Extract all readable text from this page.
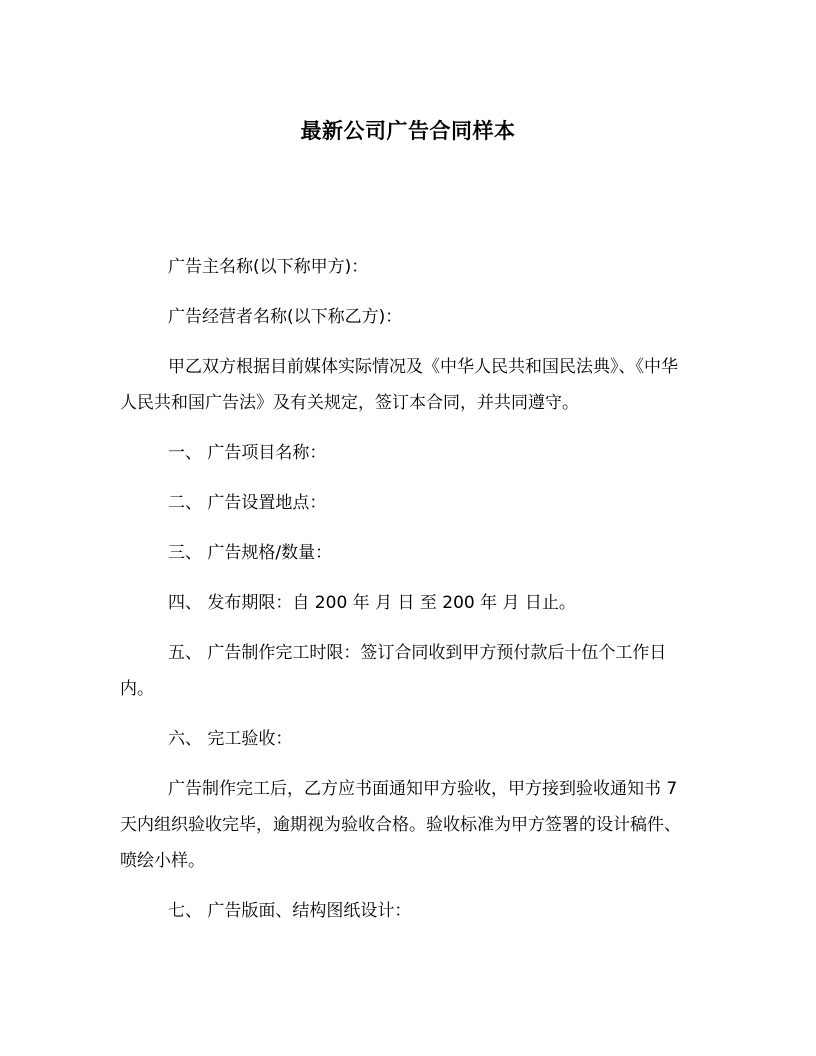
最新公司广告合同样本

广告主名称(以下称甲方)：

广告经营者名称(以下称乙方)：

甲乙双方根据目前媒体实际情况及《中华人民共和国民法典》、《中华人民共和国广告法》及有关规定，签订本合同，并共同遵守。

一、 广告项目名称：

二、 广告设置地点：

三、 广告规格/数量：

四、 发布期限：自 200 年 月 日 至 200 年 月 日止。

五、 广告制作完工时限：签订合同收到甲方预付款后十伍个工作日内。

六、 完工验收：

广告制作完工后，乙方应书面通知甲方验收，甲方接到验收通知书 7 天内组织验收完毕，逾期视为验收合格。验收标准为甲方签署的设计稿件、喷绘小样。

七、 广告版面、结构图纸设计：
